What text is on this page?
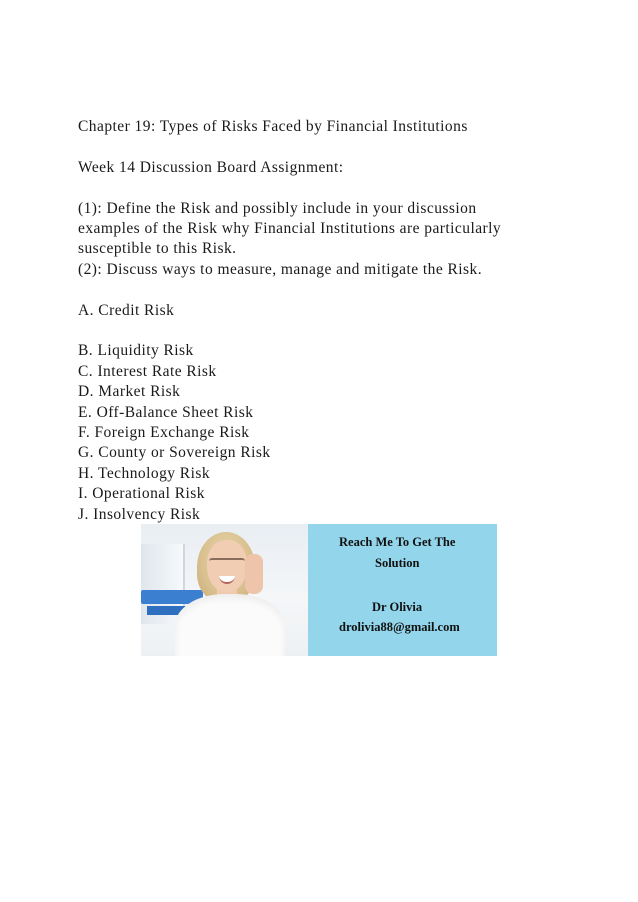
Chapter 19: Types of Risks Faced by Financial Institutions

Week 14 Discussion Board Assignment:

(1): Define the Risk and possibly include in your discussion

examples of the Risk why Financial Institutions are particularly

susceptible to this Risk.

(2): Discuss ways to measure, manage and mitigate the Risk.

A. Credit Risk

B. Liquidity Risk

C. Interest Rate Risk

D. Market Risk

E. Off-Balance Sheet Risk

F. Foreign Exchange Risk

G. County or Sovereign Risk

H. Technology Risk

I. Operational Risk

J. Insolvency Risk

Reach Me To Get The
Solution
Dr Olivia
drolivia88@gmail.com
